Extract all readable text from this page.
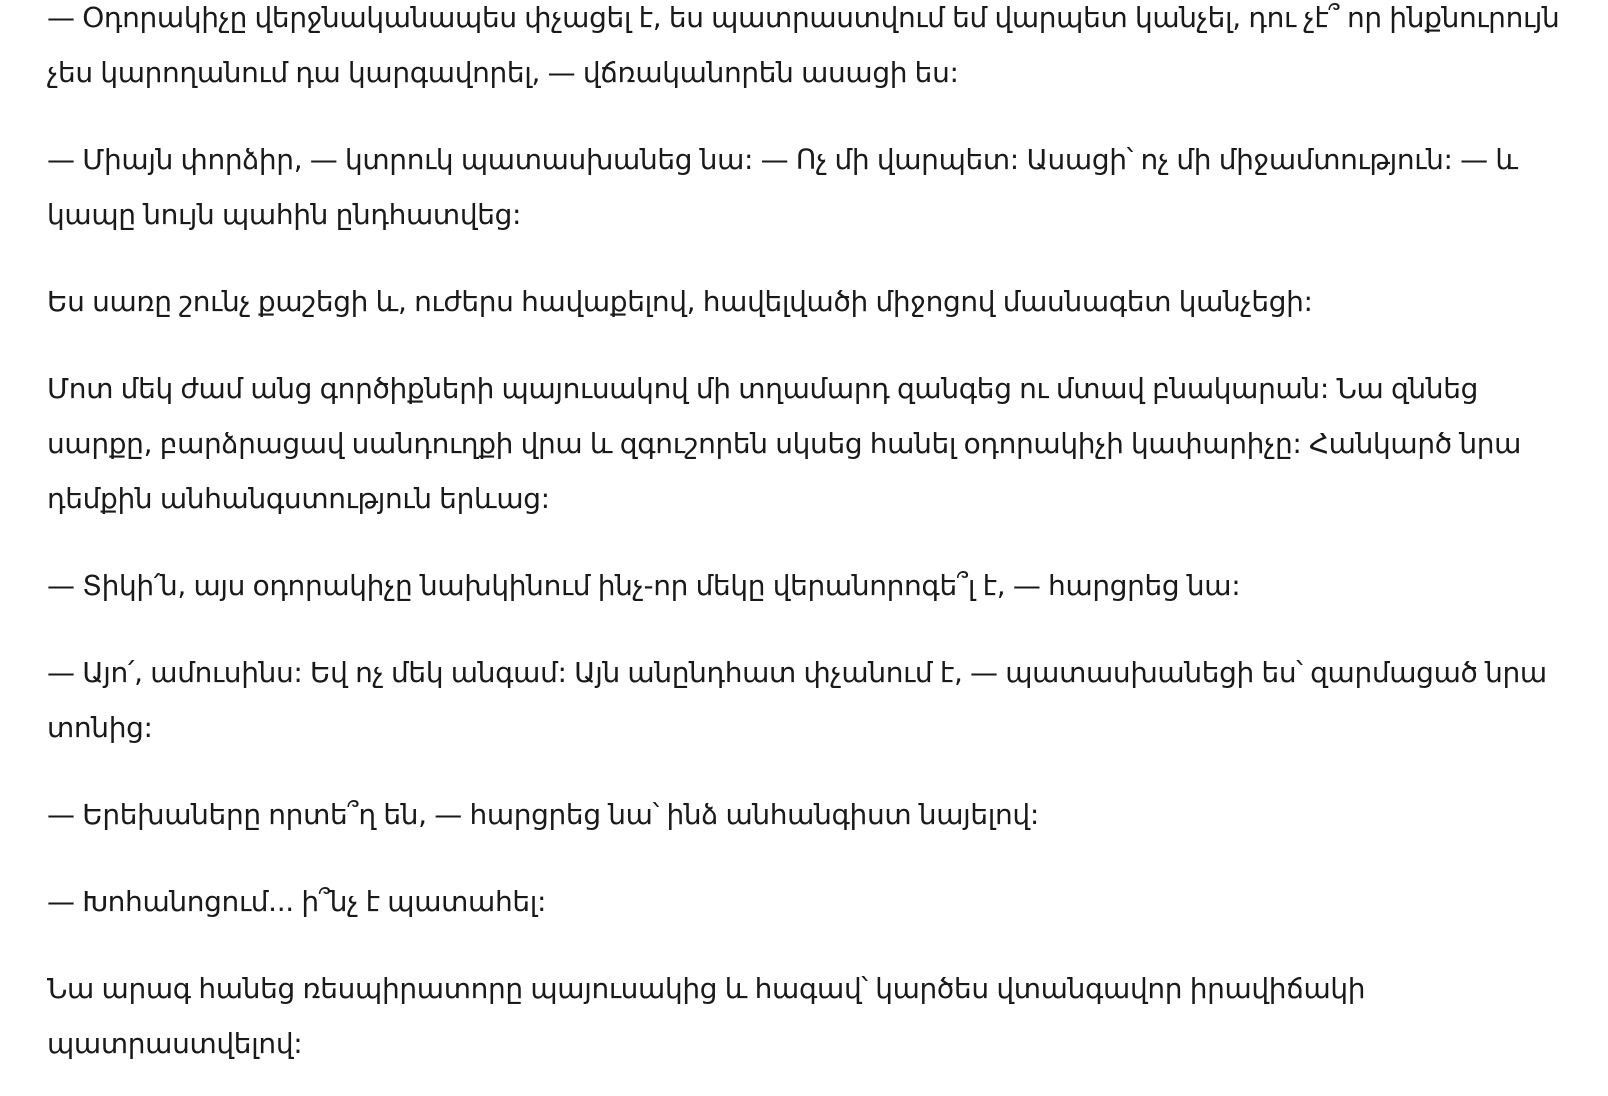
— Օդորակիչը վերջնականապես փչացել է, ես պատրաստվում եմ վարպետ կանչել, դու չէ՞ որ ինքնուրույն չես կարողանում դա կարգավորել, — վճռականորեն ասացի ես:

— Միայն փորձիր, — կտրուկ պատասխանեց նա: — Ոչ մի վարպետ: Ասացի՝ ոչ մի միջամտություն: — և կապը նույն պահին ընդհատվեց:

Ես սառը շունչ քաշեցի և, ուժերս հավաքելով, հավելվածի միջոցով մասնագետ կանչեցի:

Մոտ մեկ ժամ անց գործիքների պայուսակով մի տղամարդ զանգեց ու մտավ բնակարան: Նա զննեց սարքը, բարձրացավ սանդուղքի վրա և զգուշորեն սկսեց հանել օդորակիչի կափարիչը: Հանկարծ նրա դեմքին անհանգստություն երևաց:

— Տիկի՛ն, այս օդորակիչը նախկինում ինչ-որ մեկը վերանորոգե՞լ է, — հարցրեց նա:

— Այո՛, ամուսինս: Եվ ոչ մեկ անգամ: Այն անընդհատ փչանում է, — պատասխանեցի ես՝ զարմացած նրա տոնից:

— Երեխաները որտե՞ղ են, — հարցրեց նա՝ ինձ անհանգիստ նայելով:

— Խոհանոցում... ի՞նչ է պատահել:

Նա արագ հանեց ռեսպիրատորը պայուսակից և հագավ՝ կարծես վտանգավոր իրավիճակի պատրաստվելով:
